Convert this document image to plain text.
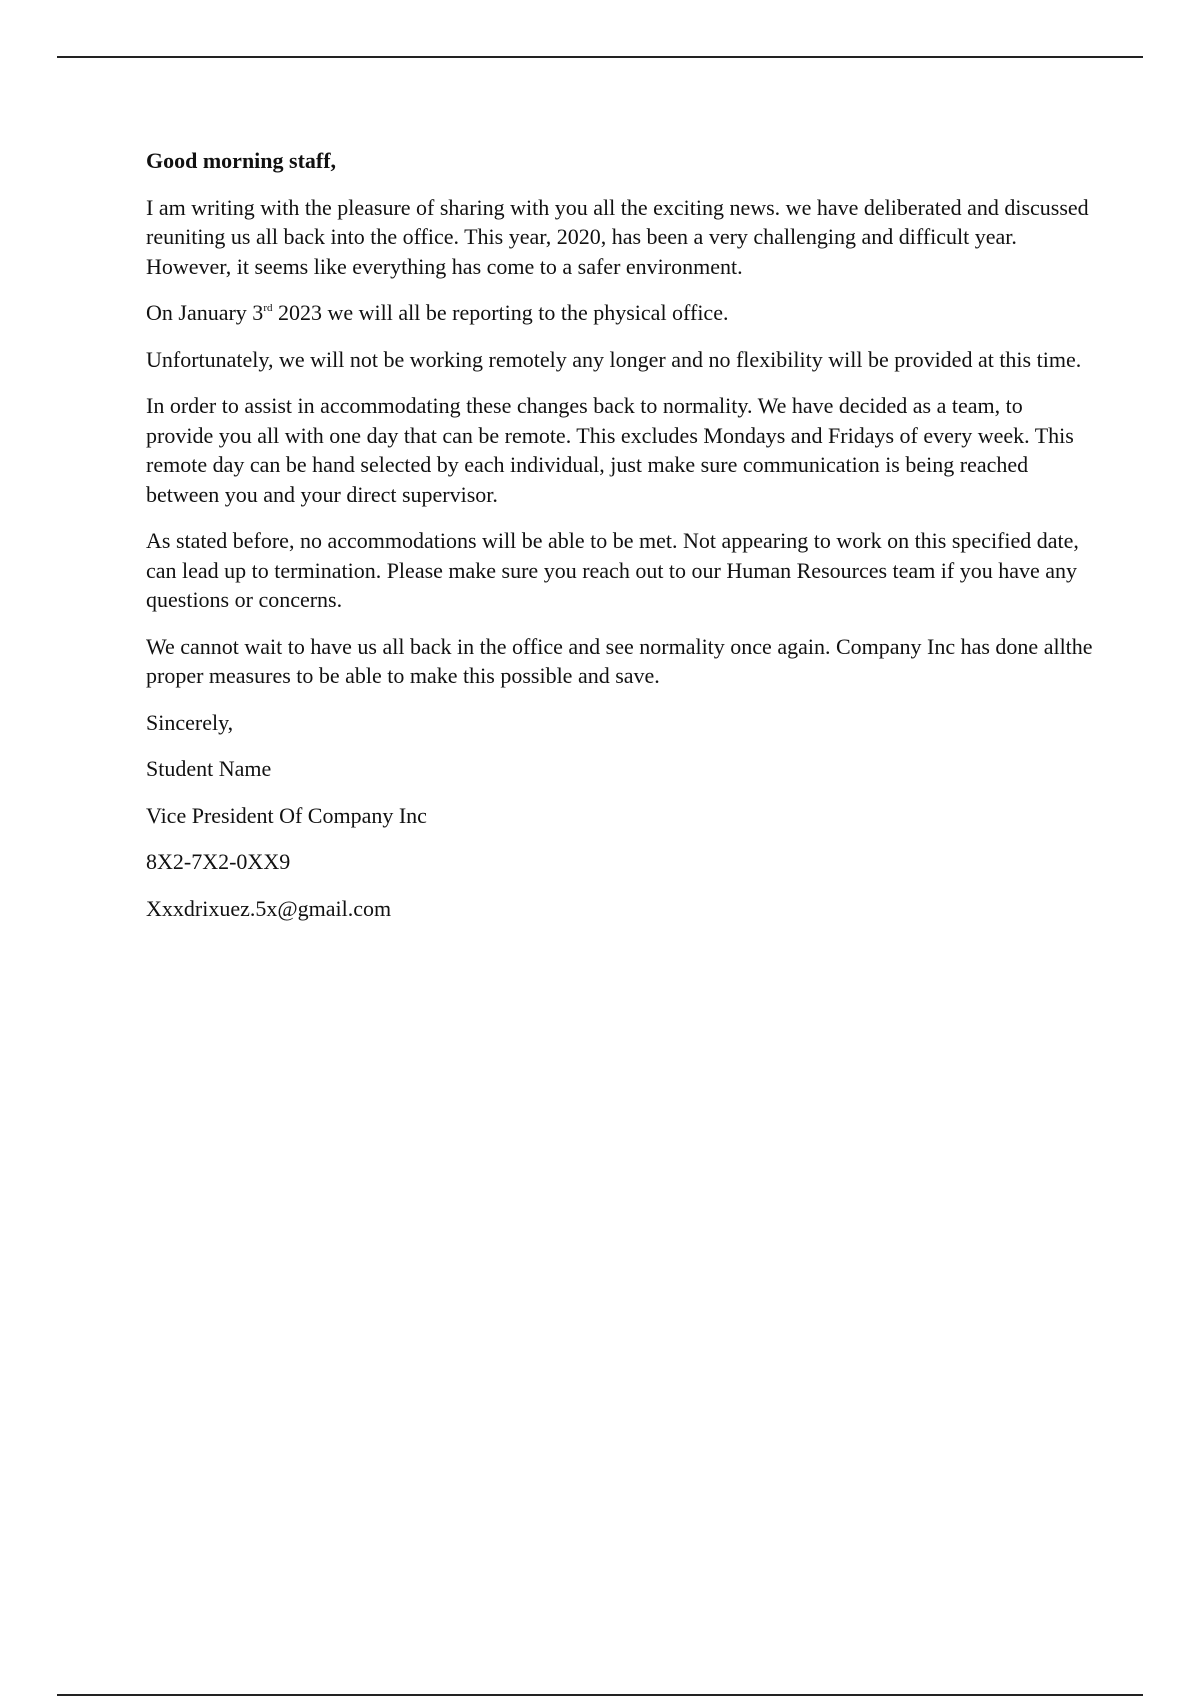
Good morning staff,

I am writing with the pleasure of sharing with you all the exciting news. we have deliberated and discussed reuniting us all back into the office. This year, 2020, has been a very challenging and difficult year. However, it seems like everything has come to a safer environment.

On January 3rd 2023 we will all be reporting to the physical office.

Unfortunately, we will not be working remotely any longer and no flexibility will be provided at this time.

In order to assist in accommodating these changes back to normality. We have decided as a team, to provide you all with one day that can be remote. This excludes Mondays and Fridays of every week. This remote day can be hand selected by each individual, just make sure communication is being reached between you and your direct supervisor.

As stated before, no accommodations will be able to be met. Not appearing to work on this specified date, can lead up to termination. Please make sure you reach out to our Human Resources team if you have any questions or concerns.

We cannot wait to have us all back in the office and see normality once again. Company Inc has done allthe proper measures to be able to make this possible and save.

Sincerely,

Student Name

Vice President Of Company Inc

8X2-7X2-0XX9

Xxxdrixuez.5x@gmail.com
